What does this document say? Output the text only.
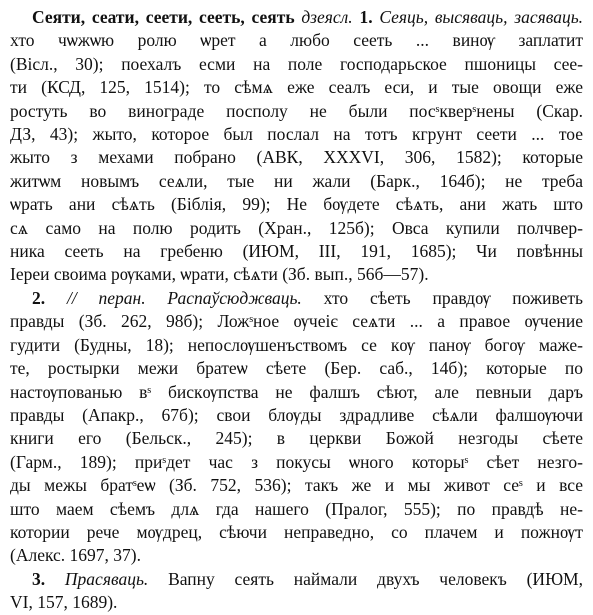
Сеяти, сеати, сеети, сееть, сеять дзеясл. 1. Сеяць, высяваць, засяваць.
хто чѡжѡю ролю ѡрет а любо сееть ... винѹ заплатит
(Вісл., 30); поехалъ есми на поле господарьское пшоницы сее-
ти (КСД, 125, 1514); то сѣмѧ еже сеалъ еси, и тые овощи еже
ростуть во винограде посполу не были посˢкверˢнены (Скар.
ДЗ, 43); жыто, которое был послал на тотъ кгрунт сеети ... тое
жыто з мехами побрано (АВК, XXXVI, 306, 1582); которые
житѡм новымъ сеѧли, тые ни жали (Барк., 164б); не треба
ѡрать ани сѣѧть (Біблія, 99); Не бѹдете сѣѧть, ани жать што
сѧ само на полю родить (Хран., 125б); Овса купили полчвер-
ника сееть на гребеню (ИЮМ, III, 191, 1685); Чи повѣнны
Іереи своима рѹками, ѡрати, сѣѧти (Зб. вып., 56б—57).
2. // перан. Распаўсюджваць. хто сѣеть правдѹ поживеть
правды (Зб. 262, 98б); Ложˢное ѹчеіє сеѧти ... а правое ѹчение
гудити (Будны, 18); непослѹшенъствомъ се кѹ панѹ богѹ маже-
те, ростырки межи братеѡ сѣете (Бер. саб., 14б); которые по
настѹпованью вˢ бискѹпства не фалшъ сѣют, але певныи даръ
правды (Апакр., 67б); свои блѹды здрадливе сѣѧли фалшѹючи
книги его (Бельск., 245); в церкви Божой незгоды сѣете
(Гарм., 189); приˢдет час з покусы ѡного которыˢ сѣет незго-
ды межы братˢеѡ (Зб. 752, 536); такъ же и мы живот сеˢ и все
што маем сѣемъ длѧ гда нашего (Пралог, 555); по правдѣ не-
котории рече мѹдрец, сѣючи неправедно, со плачем и пожнѹт
(Алекс. 1697, 37).
3. Прасяваць. Вапну сеять наймали двухъ человекъ (ИЮМ,
VI, 157, 1689).
